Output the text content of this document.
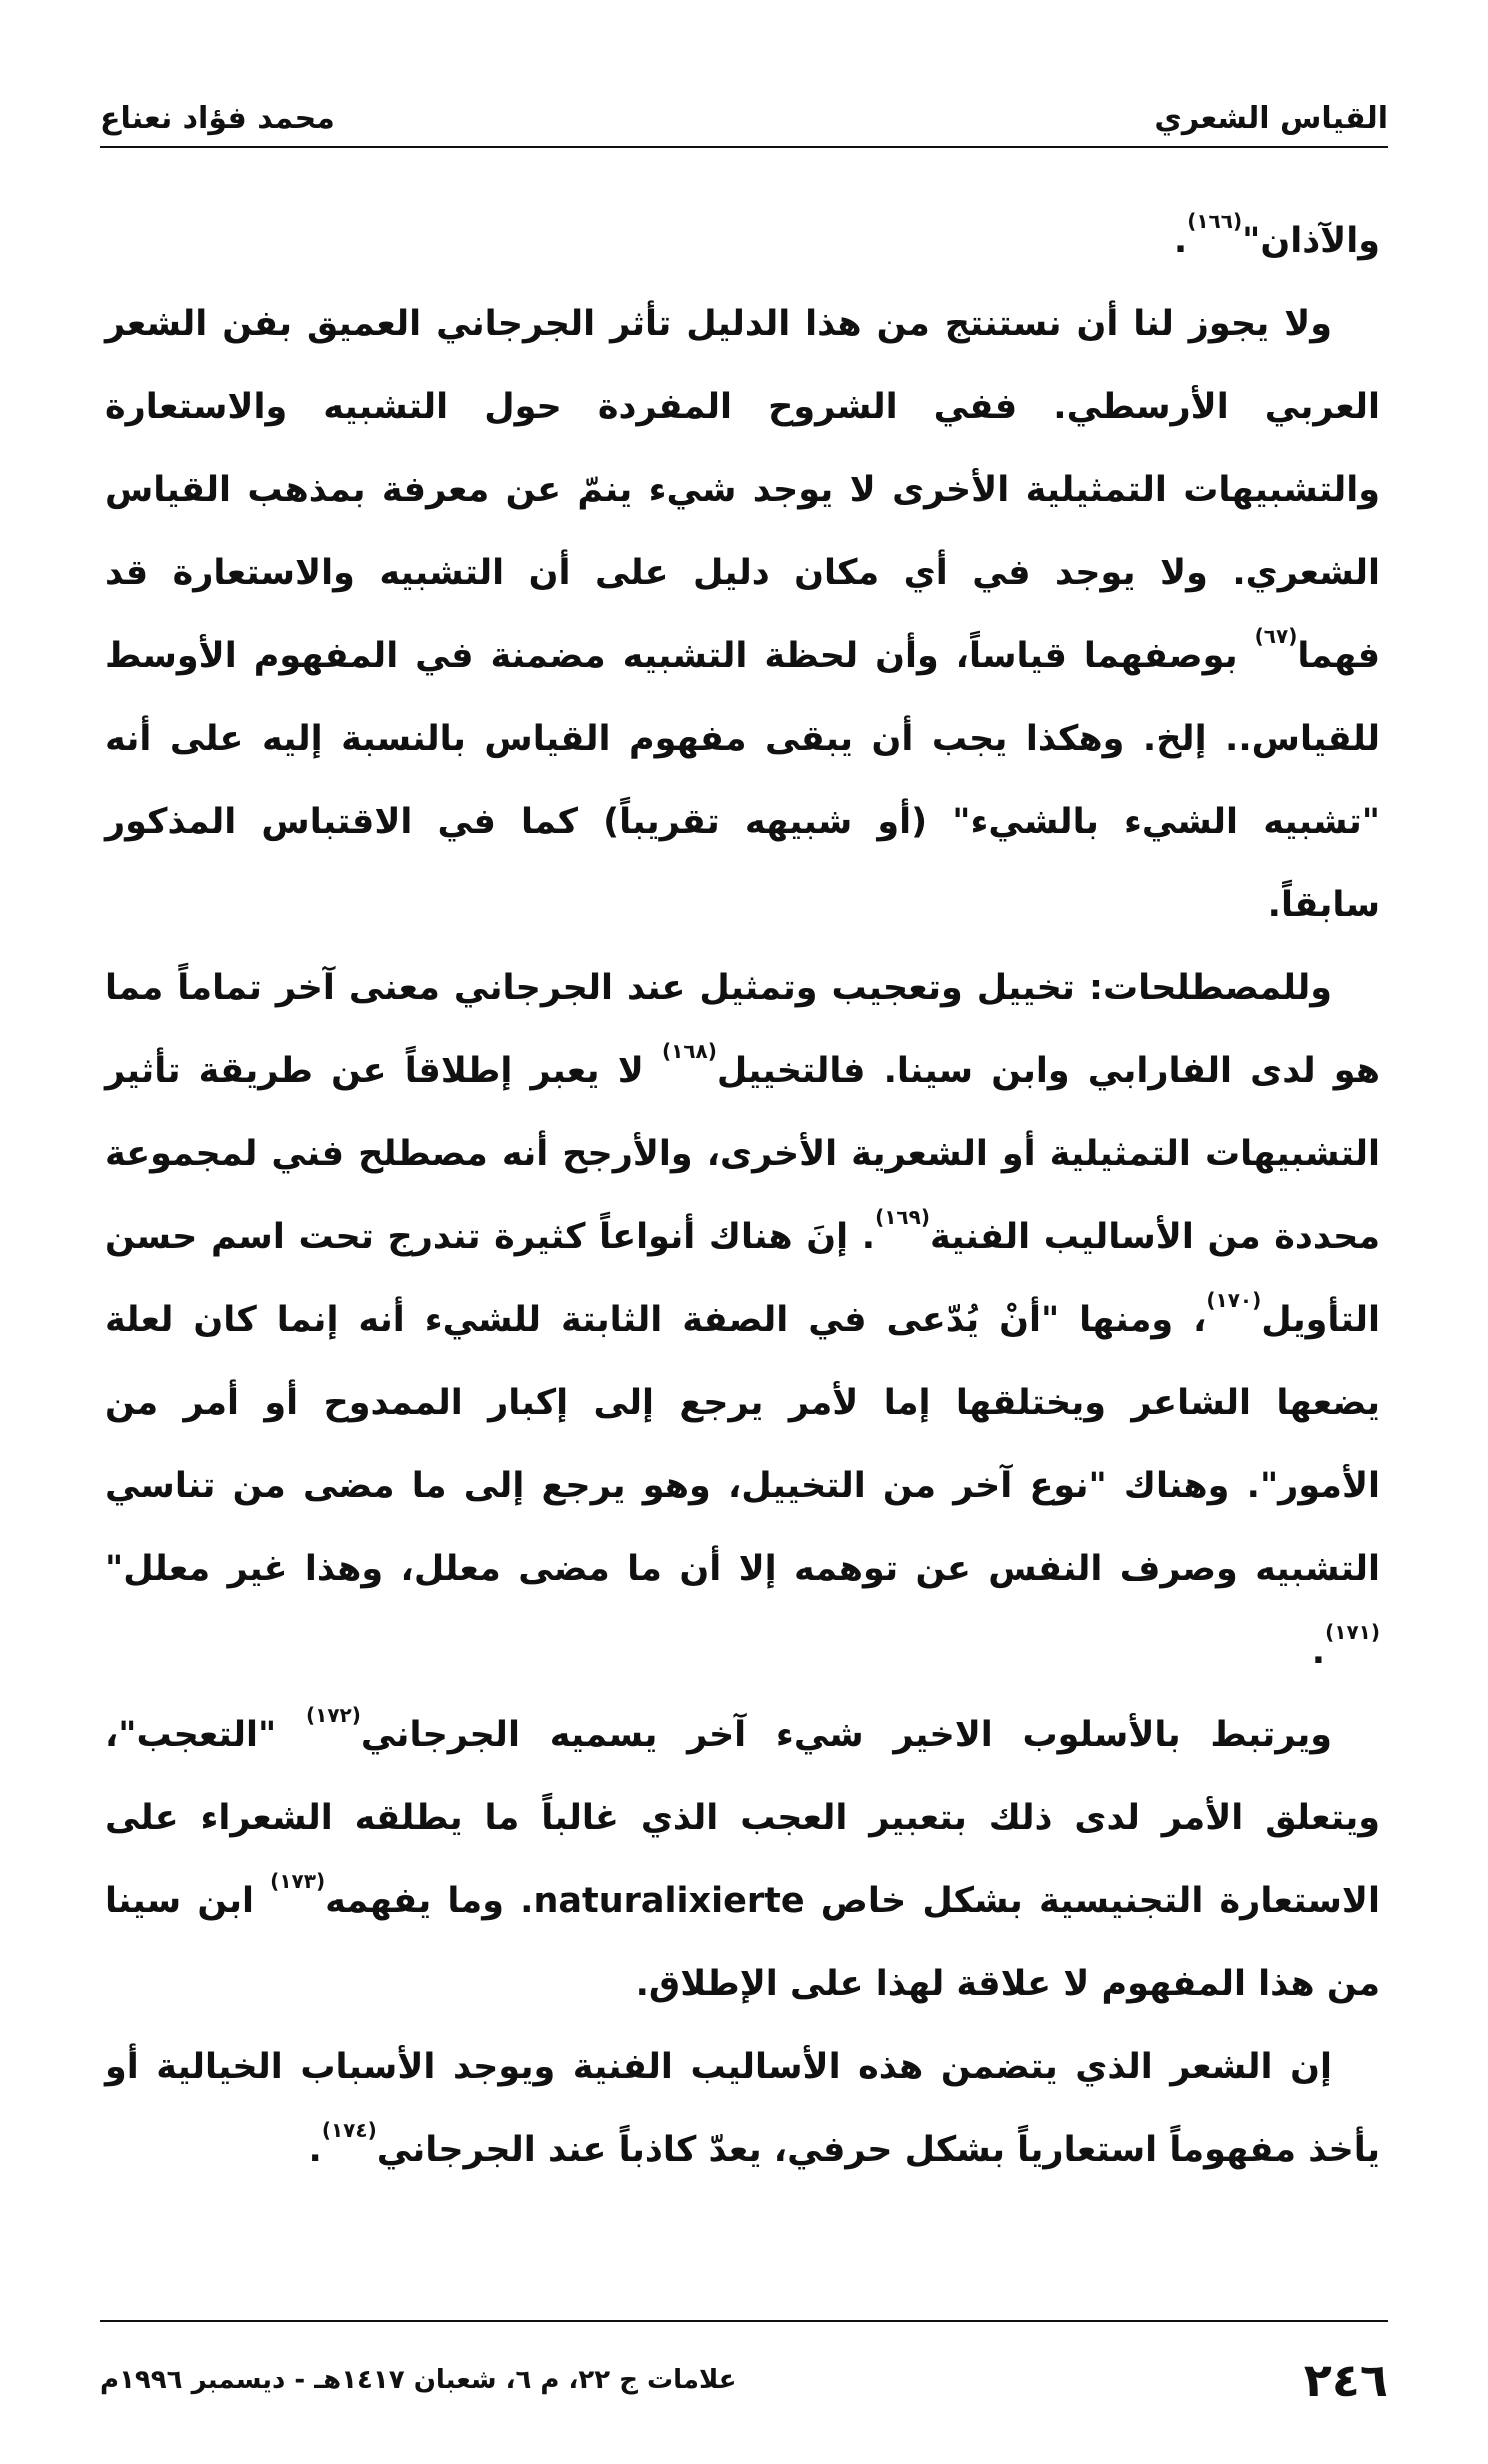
القياس الشعري
محمد فؤاد نعناع

والآذان"$^{(١٦٦)}$.

ولا يجوز لنا أن نستنتج من هذا الدليل تأثر الجرجاني العميق بفن الشعر العربي الأرسطي. ففي الشروح المفردة حول التشبيه والاستعارة والتشبيهات التمثيلية الأخرى لا يوجد شيء ينمّ عن معرفة بمذهب القياس الشعري. ولا يوجد في أي مكان دليل على أن التشبيه والاستعارة قد فهما$^{(٦٧)}$ بوصفهما قياساً، وأن لحظة التشبيه مضمنة في المفهوم الأوسط للقياس.. إلخ. وهكذا يجب أن يبقى مفهوم القياس بالنسبة إليه على أنه "تشبيه الشيء بالشيء" (أو شبيهه تقريباً) كما في الاقتباس المذكور سابقاً.

وللمصطلحات: تخييل وتعجيب وتمثيل عند الجرجاني معنى آخر تماماً مما هو لدى الفارابي وابن سينا. فالتخييل$^{(١٦٨)}$ لا يعبر إطلاقاً عن طريقة تأثير التشبيهات التمثيلية أو الشعرية الأخرى، والأرجح أنه مصطلح فني لمجموعة محددة من الأساليب الفنية$^{(١٦٩)}$. إنَ هناك أنواعاً كثيرة تندرج تحت اسم حسن التأويل$^{(١٧٠)}$، ومنها "أنْ يُدّعى في الصفة الثابتة للشيء أنه إنما كان لعلة يضعها الشاعر ويختلقها إما لأمر يرجع إلى إكبار الممدوح أو أمر من الأمور". وهناك "نوع آخر من التخييل، وهو يرجع إلى ما مضى من تناسي التشبيه وصرف النفس عن توهمه إلا أن ما مضى معلل، وهذا غير معلل"$^{(١٧١)}$.

ويرتبط بالأسلوب الاخير شيء آخر يسميه الجرجاني$^{(١٧٢)}$ "التعجب"، ويتعلق الأمر لدى ذلك بتعبير العجب الذي غالباً ما يطلقه الشعراء على الاستعارة التجنيسية بشكل خاص naturalixierte. وما يفهمه$^{(١٧٣)}$ ابن سينا من هذا المفهوم لا علاقة لهذا على الإطلاق.

إن الشعر الذي يتضمن هذه الأساليب الفنية ويوجد الأسباب الخيالية أو يأخذ مفهوماً استعارياً بشكل حرفي، يعدّ كاذباً عند الجرجاني$^{(١٧٤)}$.

٢٤٦
علامات ج ٢٢، م ٦، شعبان ١٤١٧هـ - ديسمبر ١٩٩٦م
